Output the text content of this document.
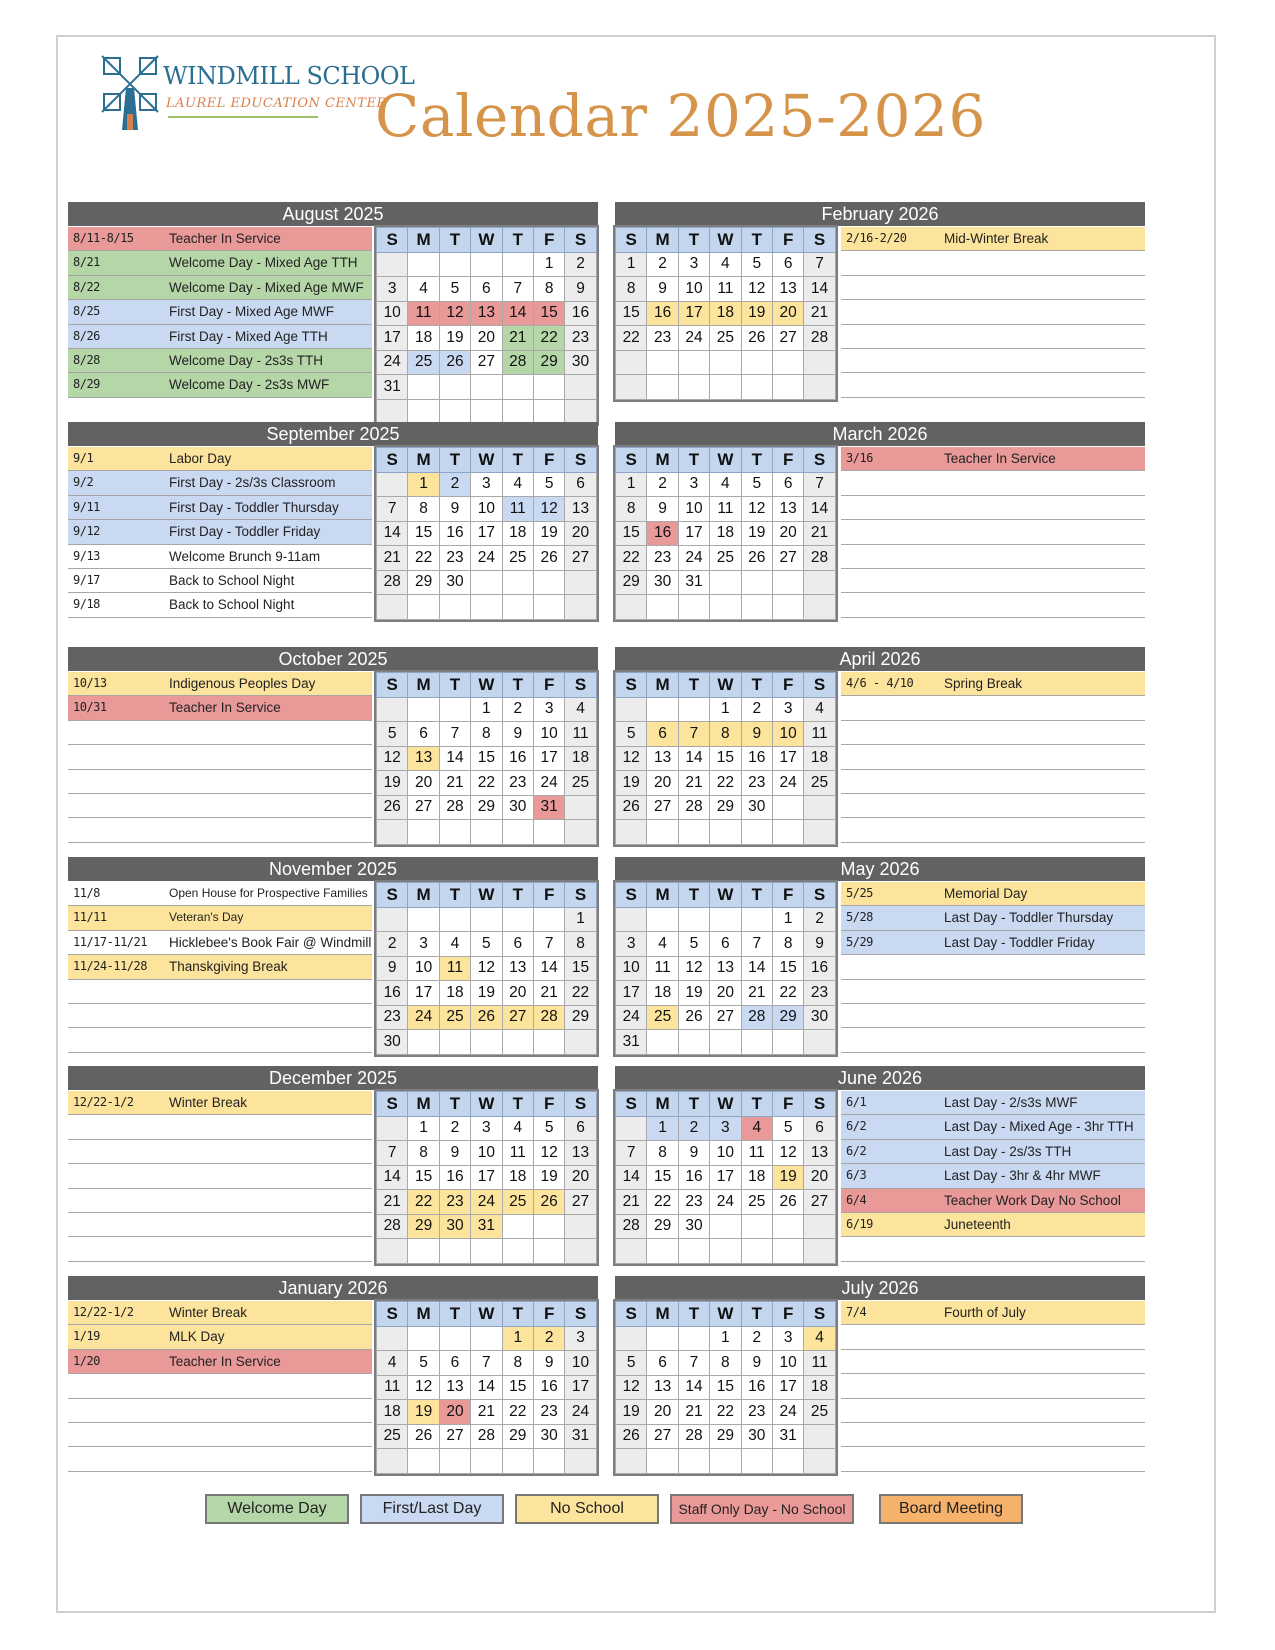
WINDMILL SCHOOL
LAUREL EDUCATION CENTER
Calendar 2025-2026
August 2025
S	M	T	W	T	F	S
					1	2
3	4	5	6	7	8	9
10	11	12	13	14	15	16
17	18	19	20	21	22	23
24	25	26	27	28	29	30
31						

8/11-8/15	Teacher In Service
8/21	Welcome Day - Mixed Age TTH
8/22	Welcome Day - Mixed Age MWF
8/25	First Day - Mixed Age MWF
8/26	First Day - Mixed Age TTH
8/28	Welcome Day - 2s3s TTH
8/29	Welcome Day - 2s3s MWF
September 2025
S	M	T	W	T	F	S
	1	2	3	4	5	6
7	8	9	10	11	12	13
14	15	16	17	18	19	20
21	22	23	24	25	26	27
28	29	30				

9/1	Labor Day
9/2	First Day - 2s/3s Classroom
9/11	First Day - Toddler Thursday
9/12	First Day - Toddler Friday
9/13	Welcome Brunch 9-11am
9/17	Back to School Night
9/18	Back to School Night
October 2025
S	M	T	W	T	F	S
			1	2	3	4
5	6	7	8	9	10	11
12	13	14	15	16	17	18
19	20	21	22	23	24	25
26	27	28	29	30	31	

10/13	Indigenous Peoples Day
10/31	Teacher In Service
November 2025
S	M	T	W	T	F	S
						1
2	3	4	5	6	7	8
9	10	11	12	13	14	15
16	17	18	19	20	21	22
23	24	25	26	27	28	29
30						
11/8	Open House for Prospective Families
11/11	Veteran's Day
11/17-11/21 Hicklebee's Book Fair @ Windmill
11/24-11/28 Thanskgiving Break
December 2025
S	M	T	W	T	F	S
	1	2	3	4	5	6
7	8	9	10	11	12	13
14	15	16	17	18	19	20
21	22	23	24	25	26	27
28	29	30	31			

12/22-1/2	Winter Break
January 2026
S	M	T	W	T	F	S
				1	2	3
4	5	6	7	8	9	10
11	12	13	14	15	16	17
18	19	20	21	22	23	24
25	26	27	28	29	30	31

12/22-1/2	Winter Break
1/19	MLK Day
1/20	Teacher In Service
February 2026
S	M	T	W	T	F	S
1	2	3	4	5	6	7
8	9	10	11	12	13	14
15	16	17	18	19	20	21
22	23	24	25	26	27	28

2/16-2/20	Mid-Winter Break
March 2026
S	M	T	W	T	F	S
1	2	3	4	5	6	7
8	9	10	11	12	13	14
15	16	17	18	19	20	21
22	23	24	25	26	27	28
29	30	31				

3/16	Teacher In Service
April 2026
S	M	T	W	T	F	S
			1	2	3	4
5	6	7	8	9	10	11
12	13	14	15	16	17	18
19	20	21	22	23	24	25
26	27	28	29	30		

4/6 - 4/10 Spring Break
May 2026
S	M	T	W	T	F	S
					1	2
3	4	5	6	7	8	9
10	11	12	13	14	15	16
17	18	19	20	21	22	23
24	25	26	27	28	29	30
31						
5/25	Memorial Day
5/28	Last Day - Toddler Thursday
5/29	Last Day - Toddler Friday
June 2026
S	M	T	W	T	F	S
	1	2	3	4	5	6
7	8	9	10	11	12	13
14	15	16	17	18	19	20
21	22	23	24	25	26	27
28	29	30				

6/1	Last Day - 2/s3s MWF
6/2	Last Day - Mixed Age - 3hr TTH
6/2	Last Day - 2s/3s TTH
6/3	Last Day - 3hr & 4hr MWF
6/4	Teacher Work Day No School
6/19	Juneteenth
July 2026
S	M	T	W	T	F	S
			1	2	3	4
5	6	7	8	9	10	11
12	13	14	15	16	17	18
19	20	21	22	23	24	25
26	27	28	29	30	31	

7/4	Fourth of July
Welcome Day	First/Last Day	No School	Staff Only Day - No School	Board Meeting
